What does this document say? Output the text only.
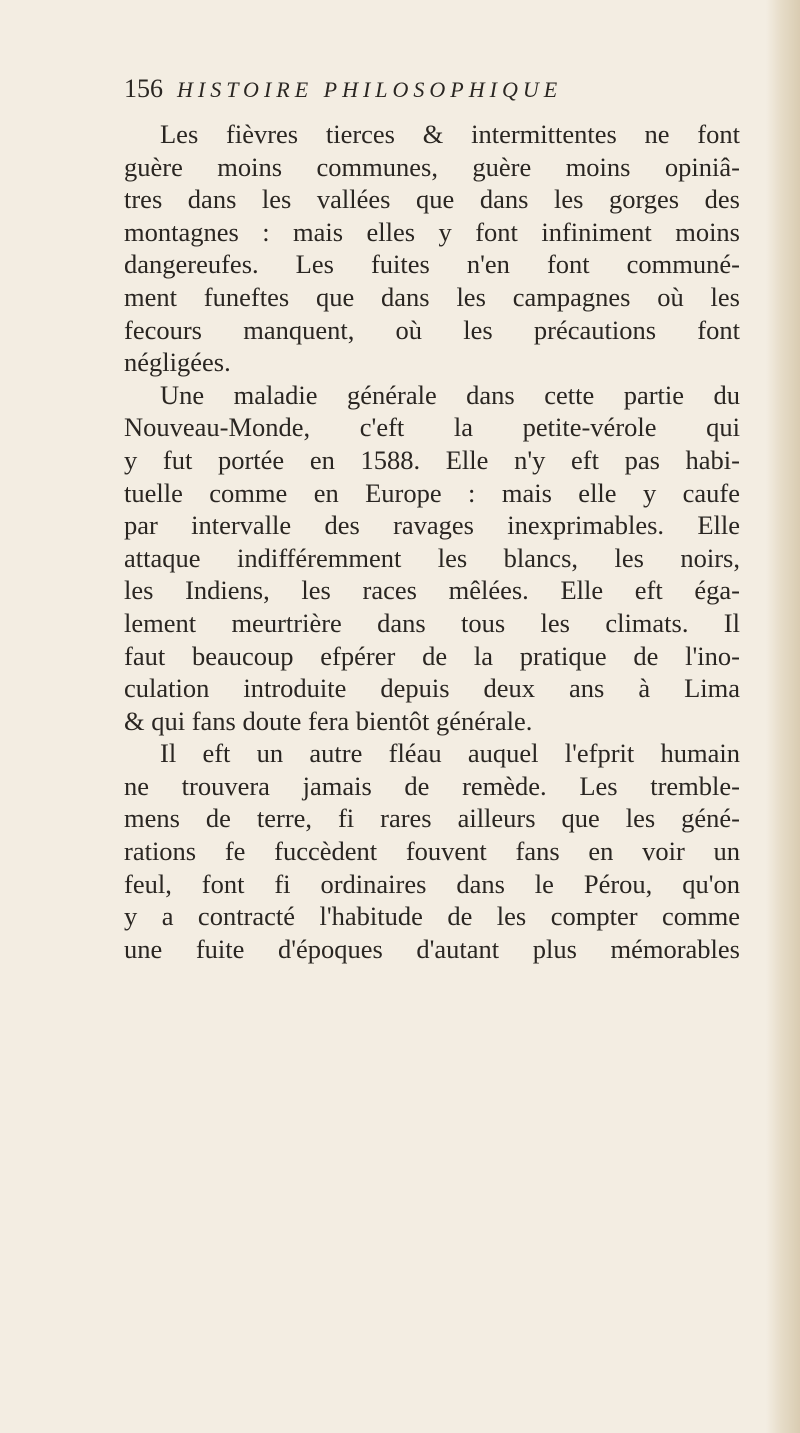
156 HISTOIRE PHILOSOPHIQUE
Les fièvres tierces & intermittentes ne font
guère moins communes, guère moins opiniâ-
tres dans les vallées que dans les gorges des
montagnes : mais elles y font infiniment moins
dangereufes. Les fuites n'en font communé-
ment funeftes que dans les campagnes où les
fecours manquent, où les précautions font
négligées.
Une maladie générale dans cette partie du
Nouveau-Monde, c'eft la petite-vérole qui
y fut portée en 1588. Elle n'y eft pas habi-
tuelle comme en Europe : mais elle y caufe
par intervalle des ravages inexprimables. Elle
attaque indifféremment les blancs, les noirs,
les Indiens, les races mêlées. Elle eft éga-
lement meurtrière dans tous les climats. Il
faut beaucoup efpérer de la pratique de l'ino-
culation introduite depuis deux ans à Lima
& qui fans doute fera bientôt générale.
Il eft un autre fléau auquel l'efprit humain
ne trouvera jamais de remède. Les tremble-
mens de terre, fi rares ailleurs que les géné-
rations fe fuccèdent fouvent fans en voir un
feul, font fi ordinaires dans le Pérou, qu'on
y a contracté l'habitude de les compter comme
une fuite d'époques d'autant plus mémorables
